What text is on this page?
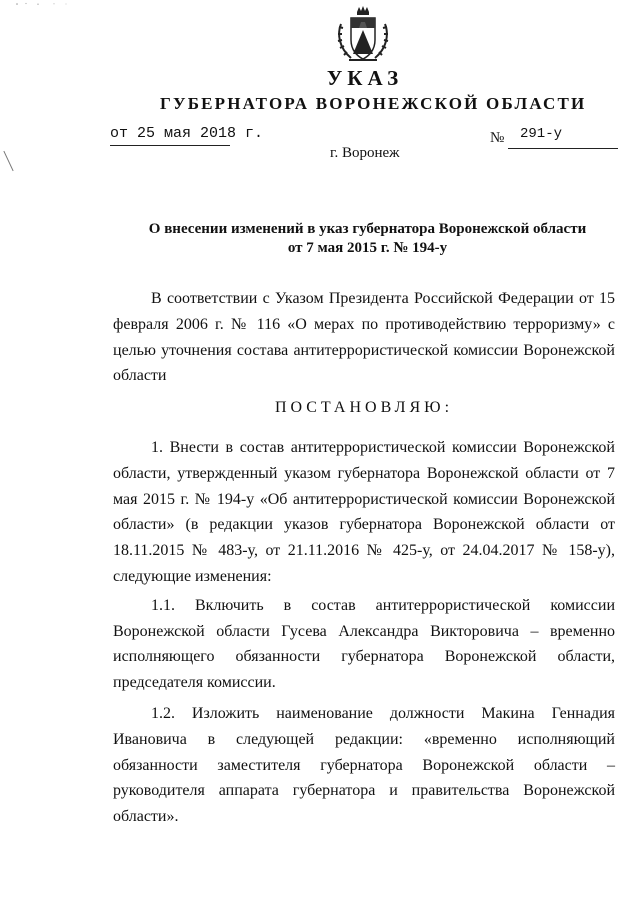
УКАЗ
ГУБЕРНАТОРА ВОРОНЕЖСКОЙ ОБЛАСТИ
от 25 мая 2018 г.	№ 291-у
г. Воронеж
О внесении изменений в указ губернатора Воронежской области
от 7 мая 2015 г. № 194-у

В соответствии с Указом Президента Российской Федерации от 15 февраля 2006 г. № 116 «О мерах по противодействию терроризму» с целью уточнения состава антитеррористической комиссии Воронежской области

ПОСТАНОВЛЯЮ:

1. Внести в состав антитеррористической комиссии Воронежской области, утвержденный указом губернатора Воронежской области от 7 мая 2015 г. № 194-у «Об антитеррористической комиссии Воронежской области» (в редакции указов губернатора Воронежской области от 18.11.2015 № 483-у, от 21.11.2016 № 425-у, от 24.04.2017 № 158-у), следующие изменения:

1.1. Включить в состав антитеррористической комиссии Воронежской области Гусева Александра Викторовича – временно исполняющего обязанности губернатора Воронежской области, председателя комиссии.

1.2. Изложить наименование должности Макина Геннадия Ивановича в следующей редакции: «временно исполняющий обязанности заместителя губернатора Воронежской области – руководителя аппарата губернатора и правительства Воронежской области».
